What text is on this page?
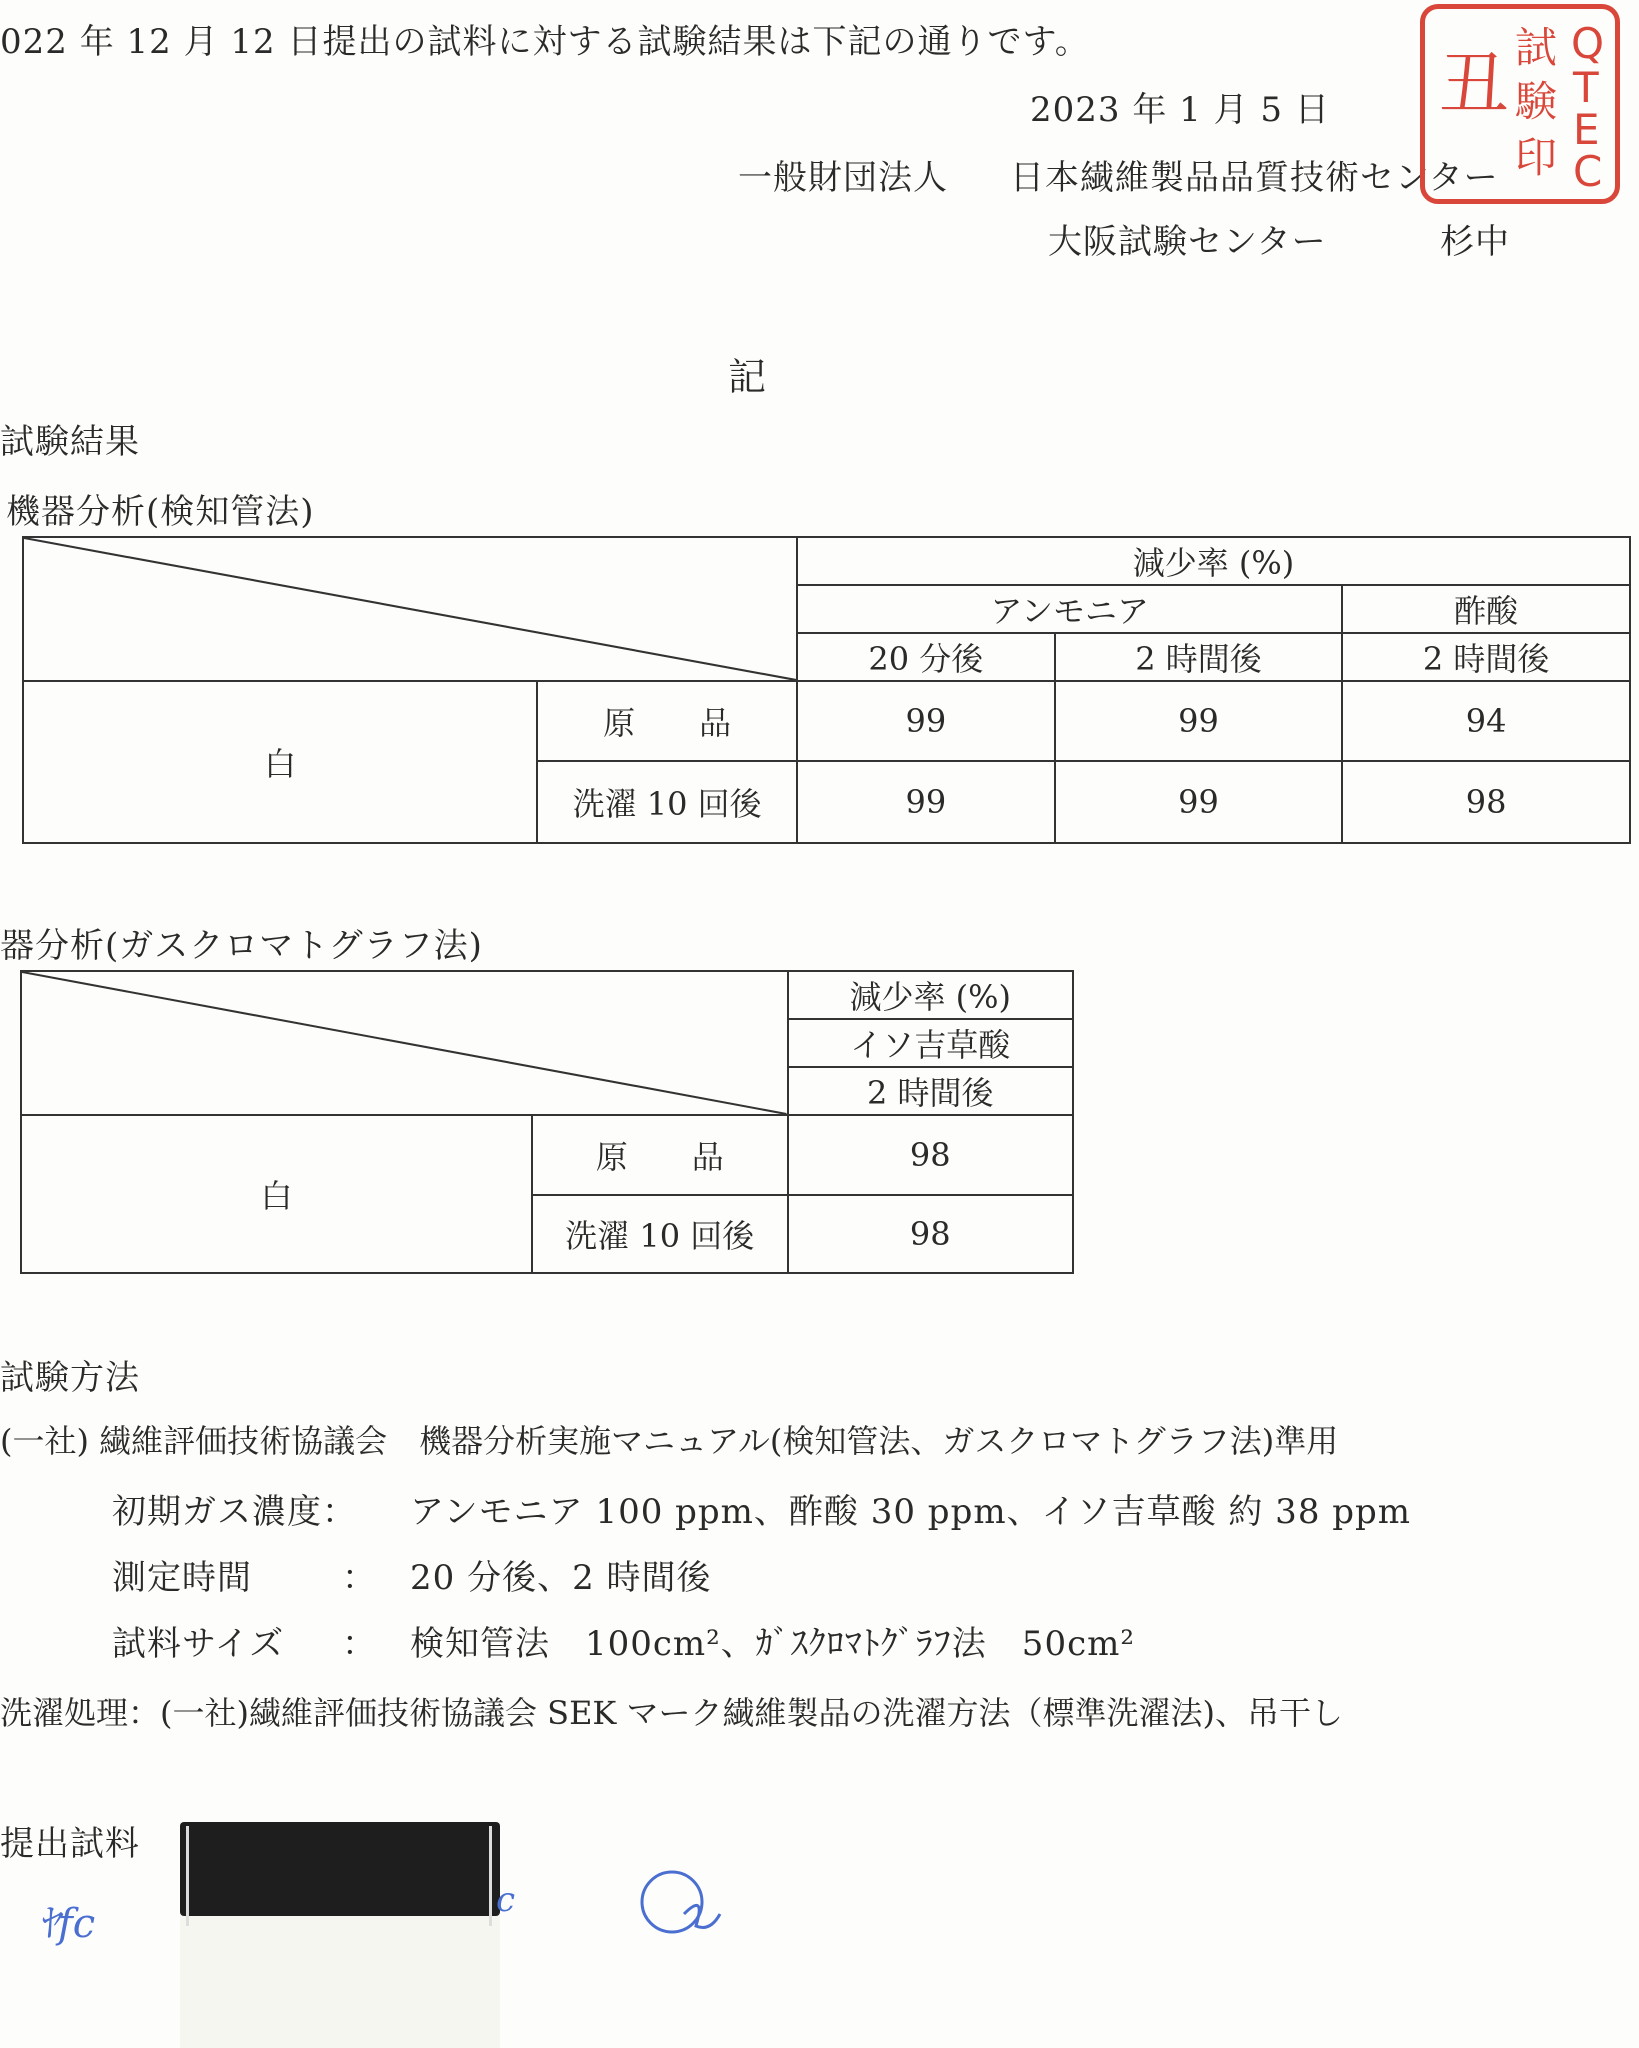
022 年 12 月 12 日提出の試料に対する試験結果は下記の通りです。
2023 年 1 月 5 日
一般財団法人 日本繊維製品品質技術センター
大阪試験センター	杉中
試
験
印
丑 Q
T
E
C
記
試験結果
機器分析(検知管法)
	減少率 (%)		
		アンモニア		酢酸
		20 分後	2 時間後	2 時間後
白	原　　品	99	99	94
	洗濯 10 回後	99	99	98
器分析(ガスクロマトグラフ法)
	減少率 (%)
		イソ吉草酸
		2 時間後
白	原　　品	98
	洗濯 10 回後	98
試験方法
(一社) 繊維評価技術協議会　機器分析実施マニュアル(検知管法、ガスクロマトグラフ法)準用
初期ガス濃度： アンモニア 100 ppm、酢酸 30 ppm、イソ吉草酸 約 38 ppm
測定時間	： 20 分後、2 時間後
試料サイズ ： 検知管法　100cm²、ｶﾞｽｸﾛﾏﾄｸﾞﾗﾌ法　50cm²
洗濯処理：(一社)繊維評価技術協議会 SEK マーク繊維製品の洗濯方法（標準洗濯法)、吊干し
提出試料
ﾔfc
c
